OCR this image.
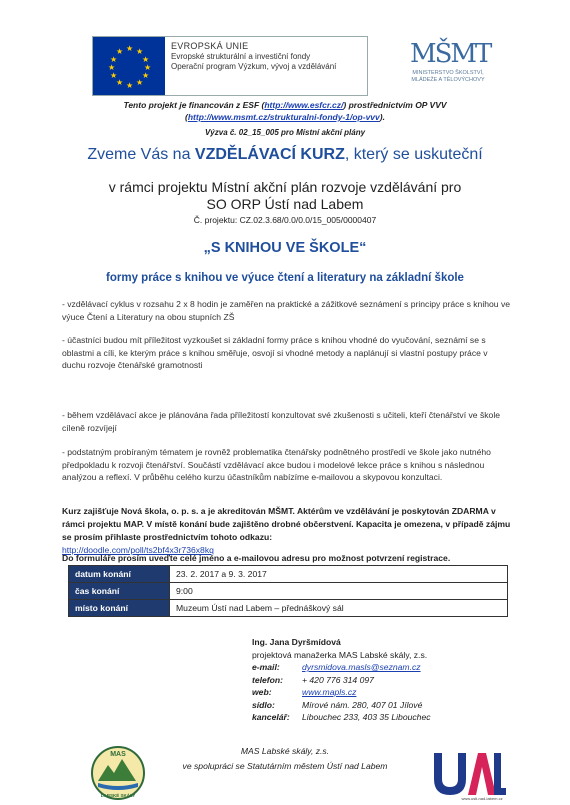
★ ★
★
★
★
★
★
★
★
★
★
★
EVROPSKÁ UNIE
Evropské strukturální a investiční fondy
Operační program Výzkum, vývoj a vzdělávání	MŠMT
MINISTERSTVO ŠKOLSTVÍ,
MLÁDEŽE A TĚLOVÝCHOVY
Tento projekt je financován z ESF (http://www.esfcr.cz/) prostřednictvím OP VVV
(http://www.msmt.cz/strukturalni-fondy-1/op-vvv).
Výzva č. 02_15_005 pro Místní akční plány
Zveme Vás na VZDĚLÁVACÍ KURZ, který se uskuteční
v rámci projektu Místní akční plán rozvoje vzdělávání pro
SO ORP Ústí nad Labem
Č. projektu: CZ.02.3.68/0.0/0.0/15_005/0000407
„S KNIHOU VE ŠKOLE“
formy práce s knihou ve výuce čtení a literatury na základní škole
- vzdělávací cyklus v rozsahu 2 x 8 hodin je zaměřen na praktické a zážitkové seznámení s principy práce s knihou ve výuce Čtení a Literatury na obou stupních ZŠ
- účastníci budou mít příležitost vyzkoušet si základní formy práce s knihou vhodné do vyučování, seznámí se s oblastmi a cíli, ke kterým práce s knihou směřuje, osvojí si vhodné metody a naplánují si vlastní postupy práce v duchu rozvoje čtenářské gramotnosti
- během vzdělávací akce je plánována řada příležitostí konzultovat své zkušenosti s učiteli, kteří čtenářství ve škole cíleně rozvíjejí
- podstatným probíraným tématem je rovněž problematika čtenářsky podnětného prostředí ve škole jako nutného předpokladu k rozvoji čtenářství. Součástí vzdělávací akce budou i modelové lekce práce s knihou s následnou analýzou a reflexí. V průběhu celého kurzu účastníkům nabízíme e-mailovou a skypovou konzultaci.
Kurz zajišťuje Nová škola, o. p. s. a je akreditován MŠMT. Aktérům ve vzdělávání je poskytován ZDARMA v rámci projektu MAP. V místě konání bude zajištěno drobné občerstvení. Kapacita je omezena, v případě zájmu se prosím přihlaste prostřednictvím tohoto odkazu:
http://doodle.com/poll/ts2bf4x3r736x8kq
Do formuláře prosím uveďte celé jméno a e-mailovou adresu pro možnost potvrzení registrace.
datum konání	23. 2. 2017 a 9. 3. 2017
čas konání	9:00
místo konání	Muzeum Ústí nad Labem – přednáškový sál
Ing. Jana Dyršmídová
projektová manažerka MAS Labské skály, z.s.
e-mail:	dyrsmidova.masls@seznam.cz
telefon:	+ 420 776 314 097
web:	www.mapls.cz
sídlo:	Mírové nám. 280, 407 01 Jílové
kancelář:	Libouchec 233, 403 35 Libouchec
MAS
LABSKÉ SKÁLY
www.usti-nad-labem.cz
MAS Labské skály, z.s.
ve spolupráci se Statutárním městem Ústí nad Labem
